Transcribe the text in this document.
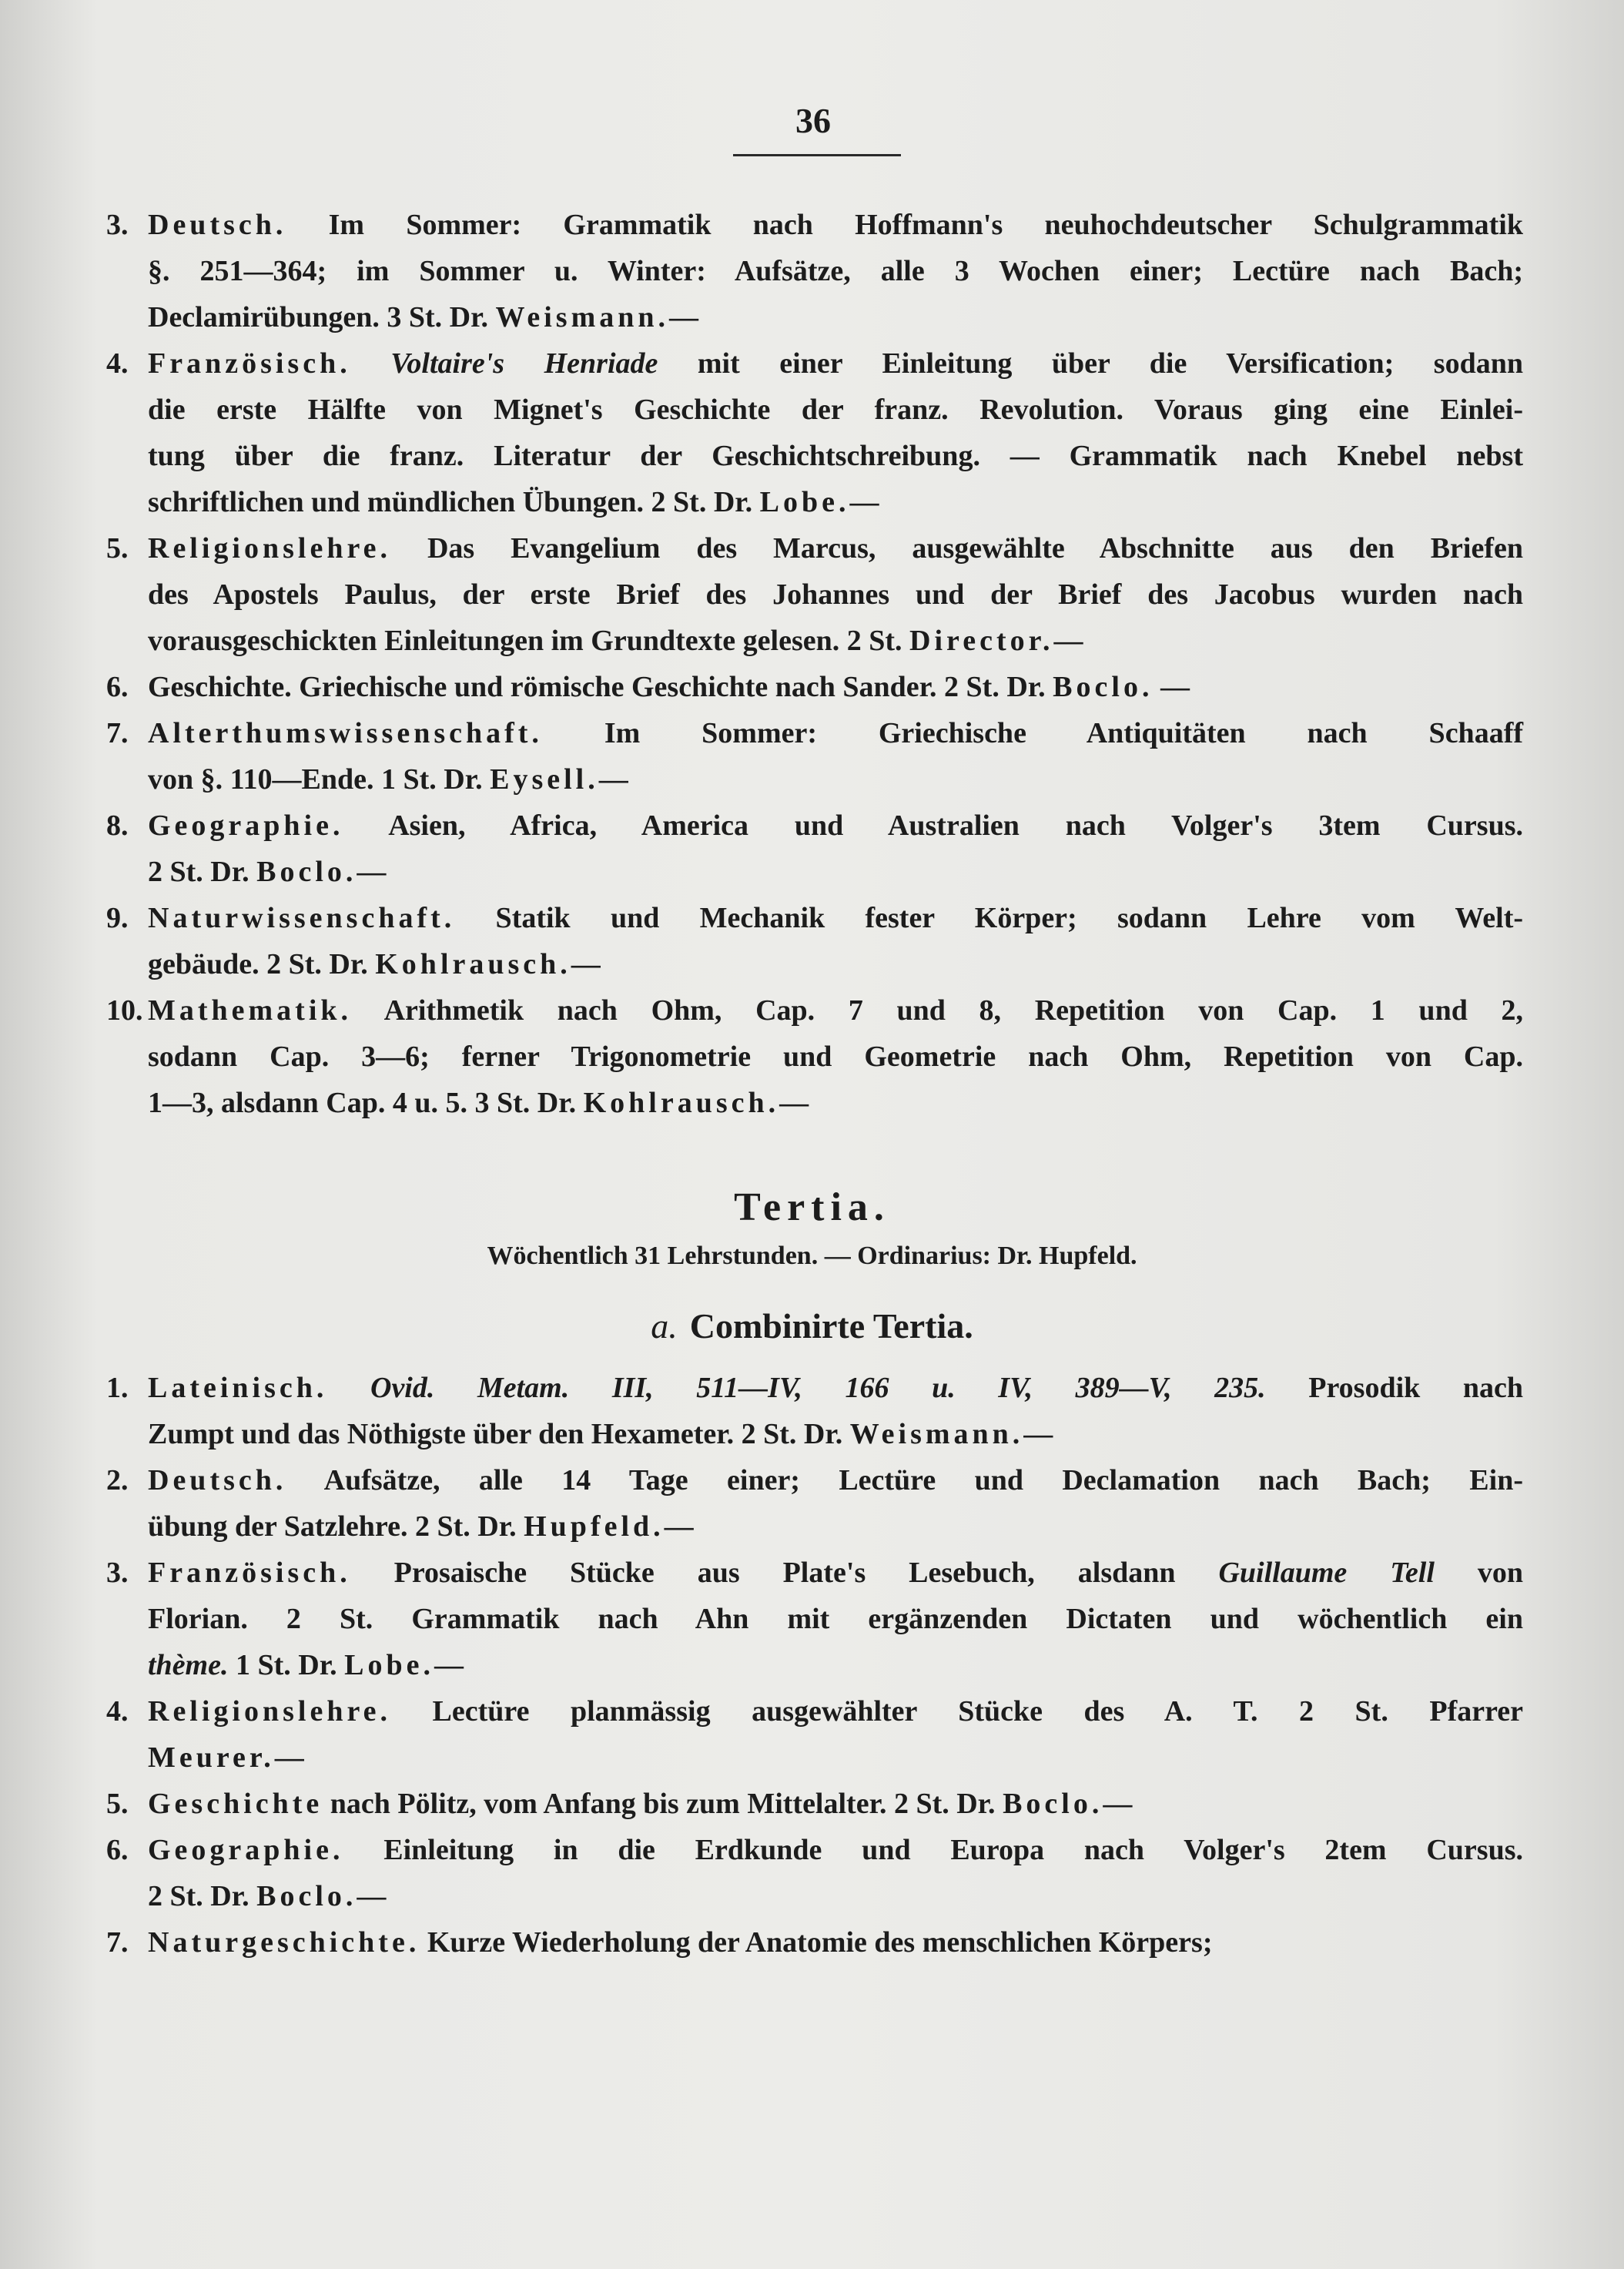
36
3. Deutsch. Im Sommer: Grammatik nach Hoffmann's neuhochdeutscher Schulgrammatik
§. 251—364; im Sommer u. Winter: Aufsätze, alle 3 Wochen einer; Lectüre nach Bach;
Declamirübungen. 3 St. Dr. Weismann.—
4. Französisch. Voltaire's Henriade mit einer Einleitung über die Versification; sodann
die erste Hälfte von Mignet's Geschichte der franz. Revolution. Voraus ging eine Einlei-
tung über die franz. Literatur der Geschichtschreibung. — Grammatik nach Knebel nebst
schriftlichen und mündlichen Übungen. 2 St. Dr. Lobe.—
5. Religionslehre. Das Evangelium des Marcus, ausgewählte Abschnitte aus den Briefen
des Apostels Paulus, der erste Brief des Johannes und der Brief des Jacobus wurden nach
vorausgeschickten Einleitungen im Grundtexte gelesen. 2 St. Director.—
6. Geschichte. Griechische und römische Geschichte nach Sander. 2 St. Dr. Boclo. —
7. Alterthumswissenschaft. Im Sommer: Griechische Antiquitäten nach Schaaff
von §. 110—Ende. 1 St. Dr. Eysell.—
8. Geographie. Asien, Africa, America und Australien nach Volger's 3tem Cursus.
2 St. Dr. Boclo.—
9. Naturwissenschaft. Statik und Mechanik fester Körper; sodann Lehre vom Welt-
gebäude. 2 St. Dr. Kohlrausch.—
10. Mathematik. Arithmetik nach Ohm, Cap. 7 und 8, Repetition von Cap. 1 und 2,
sodann Cap. 3—6; ferner Trigonometrie und Geometrie nach Ohm, Repetition von Cap.
1—3, alsdann Cap. 4 u. 5. 3 St. Dr. Kohlrausch.—
Tertia.
Wöchentlich 31 Lehrstunden. — Ordinarius: Dr. Hupfeld.
a. Combinirte Tertia.
1. Lateinisch. Ovid. Metam. III, 511—IV, 166 u. IV, 389—V, 235. Prosodik nach
Zumpt und das Nöthigste über den Hexameter. 2 St. Dr. Weismann.—
2. Deutsch. Aufsätze, alle 14 Tage einer; Lectüre und Declamation nach Bach; Ein-
übung der Satzlehre. 2 St. Dr. Hupfeld.—
3. Französisch. Prosaische Stücke aus Plate's Lesebuch, alsdann Guillaume Tell von
Florian. 2 St. Grammatik nach Ahn mit ergänzenden Dictaten und wöchentlich ein
thème. 1 St. Dr. Lobe.—
4. Religionslehre. Lectüre planmässig ausgewählter Stücke des A. T. 2 St. Pfarrer
Meurer.—
5. Geschichte nach Pölitz, vom Anfang bis zum Mittelalter. 2 St. Dr. Boclo.—
6. Geographie. Einleitung in die Erdkunde und Europa nach Volger's 2tem Cursus.
2 St. Dr. Boclo.—
7. Naturgeschichte. Kurze Wiederholung der Anatomie des menschlichen Körpers;
